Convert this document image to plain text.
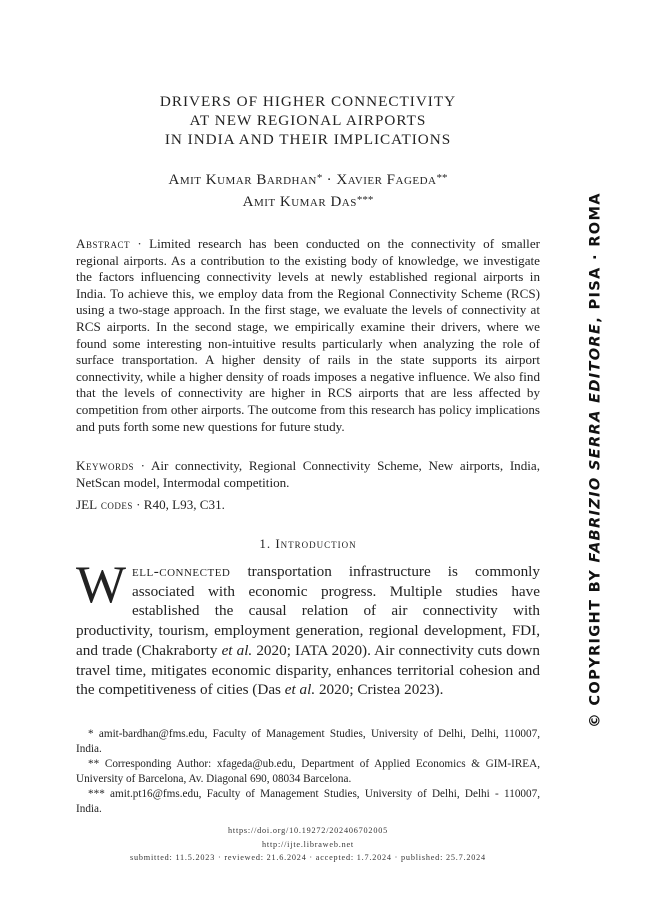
DRIVERS OF HIGHER CONNECTIVITY
AT NEW REGIONAL AIRPORTS
IN INDIA AND THEIR IMPLICATIONS
Amit Kumar Bardhan* · Xavier Fageda**
Amit Kumar Das***

Abstract · Limited research has been conducted on the connectivity of smaller regional airports. As a contribution to the existing body of knowledge, we investigate the factors influencing connectivity levels at newly established regional airports in India. To achieve this, we employ data from the Regional Connectivity Scheme (RCS) using a two-stage approach. In the first stage, we evaluate the levels of connectivity at RCS airports. In the second stage, we empirically examine their drivers, where we found some interesting non-intuitive results particularly when analyzing the role of surface transportation. A higher density of rails in the state supports its airport connectivity, while a higher density of roads imposes a negative influence. We also find that the levels of connectivity are higher in RCS airports that are less affected by competition from other airports. The outcome from this research has policy implications and puts forth some new questions for future study.

Keywords · Air connectivity, Regional Connectivity Scheme, New airports, India, NetScan model, Intermodal competition.

JEL codes · R40, L93, C31.

1. Introduction
Well-connected transportation infrastructure is commonly associated with economic progress. Multiple studies have established the causal relation of air connectivity with productivity, tourism, employment generation, regional development, FDI, and trade (Chakraborty et al. 2020; IATA 2020). Air connectivity cuts down travel time, mitigates economic disparity, enhances territorial cohesion and the competitiveness of cities (Das et al. 2020; Cristea 2023).

* amit-bardhan@fms.edu, Faculty of Management Studies, University of Delhi, Delhi, 110007, India.

** Corresponding Author: xfageda@ub.edu, Department of Applied Economics & GIM-IREA, University of Barcelona, Av. Diagonal 690, 08034 Barcelona.

*** amit.pt16@fms.edu, Faculty of Management Studies, University of Delhi, Delhi - 110007, India.

https://doi.org/10.19272/202406702005
http://ijte.libraweb.net
submitted: 11.5.2023 · reviewed: 21.6.2024 · accepted: 1.7.2024 · published: 25.7.2024
© COPYRIGHT BY FABRIZIO SERRA EDITORE, PISA · ROMA
